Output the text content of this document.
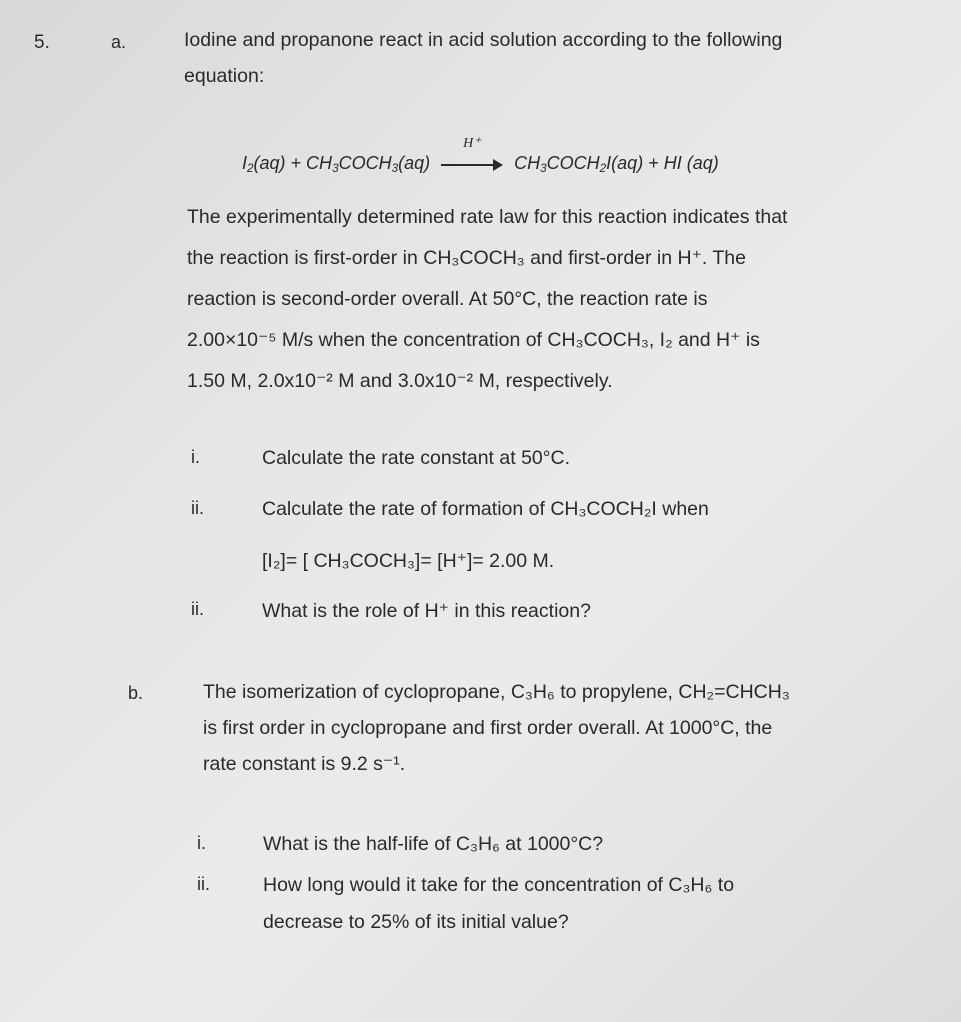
5.	a.	Iodine and propanone react in acid solution according to the following
equation:
$I_2(aq)$ + $CH_3COCH_3(aq)$
H⁺
$CH_3COCH_2I(aq)$ + HI (aq)
The experimentally determined rate law for this reaction indicates that
the reaction is first-order in CH₃COCH₃ and first-order in H⁺. The
reaction is second-order overall. At 50°C, the reaction rate is
2.00×10⁻⁵ M/s when the concentration of CH₃COCH₃, I₂ and H⁺ is
1.50 M, 2.0x10⁻² M and 3.0x10⁻² M, respectively.
i.	Calculate the rate constant at 50°C.
ii.	Calculate the rate of formation of CH₃COCH₂I when
[I₂]= [ CH₃COCH₃]= [H⁺]= 2.00 M.
ii.	What is the role of H⁺ in this reaction?
b.	The isomerization of cyclopropane, C₃H₆ to propylene, CH₂=CHCH₃
is first order in cyclopropane and first order overall. At 1000°C, the
rate constant is 9.2 s⁻¹.
i.	What is the half-life of C₃H₆ at 1000°C?
ii.	How long would it take for the concentration of C₃H₆ to
decrease to 25% of its initial value?
